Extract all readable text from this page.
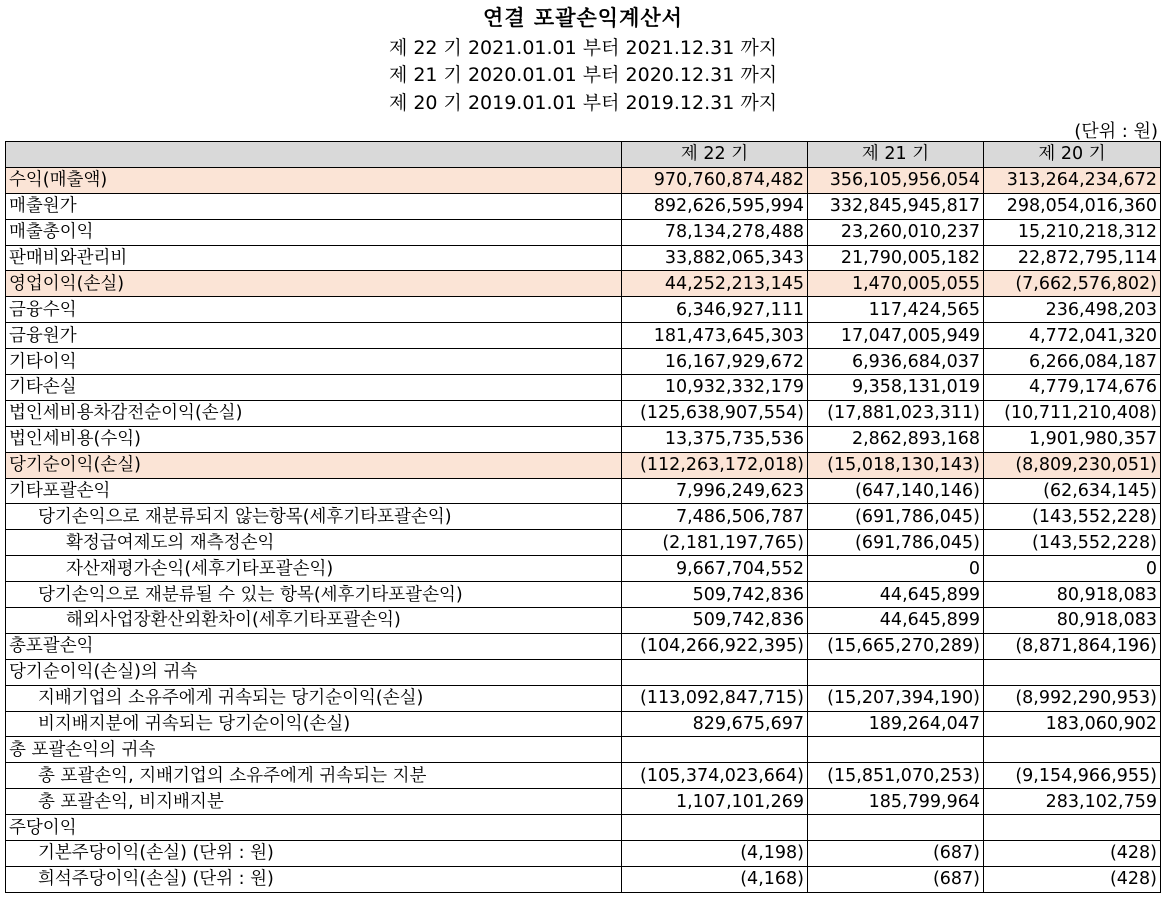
연결 포괄손익계산서
제 22 기 2021.01.01 부터 2021.12.31 까지
제 21 기 2020.01.01 부터 2020.12.31 까지
제 20 기 2019.01.01 부터 2019.12.31 까지
(단위 : 원)
	제 22 기	제 21 기	제 20 기
수익(매출액)	970,760,874,482	356,105,956,054	313,264,234,672
매출원가	892,626,595,994	332,845,945,817	298,054,016,360
매출총이익	78,134,278,488	23,260,010,237	15,210,218,312
판매비와관리비	33,882,065,343	21,790,005,182	22,872,795,114
영업이익(손실)	44,252,213,145	1,470,005,055	(7,662,576,802)
금융수익	6,346,927,111	117,424,565	236,498,203
금융원가	181,473,645,303	17,047,005,949	4,772,041,320
기타이익	16,167,929,672	6,936,684,037	6,266,084,187
기타손실	10,932,332,179	9,358,131,019	4,779,174,676
법인세비용차감전순이익(손실)	(125,638,907,554)	(17,881,023,311)	(10,711,210,408)
법인세비용(수익)	13,375,735,536	2,862,893,168	1,901,980,357
당기순이익(손실)	(112,263,172,018)	(15,018,130,143)	(8,809,230,051)
기타포괄손익	7,996,249,623	(647,140,146)	(62,634,145)
당기손익으로 재분류되지 않는항목(세후기타포괄손익)	7,486,506,787	(691,786,045)	(143,552,228)
확정급여제도의 재측정손익	(2,181,197,765)	(691,786,045)	(143,552,228)
자산재평가손익(세후기타포괄손익)	9,667,704,552	0	0
당기손익으로 재분류될 수 있는 항목(세후기타포괄손익)	509,742,836	44,645,899	80,918,083
해외사업장환산외환차이(세후기타포괄손익)	509,742,836	44,645,899	80,918,083
총포괄손익	(104,266,922,395)	(15,665,270,289)	(8,871,864,196)
당기순이익(손실)의 귀속			
지배기업의 소유주에게 귀속되는 당기순이익(손실)	(113,092,847,715)	(15,207,394,190)	(8,992,290,953)
비지배지분에 귀속되는 당기순이익(손실)	829,675,697	189,264,047	183,060,902
총 포괄손익의 귀속			
총 포괄손익, 지배기업의 소유주에게 귀속되는 지분	(105,374,023,664)	(15,851,070,253)	(9,154,966,955)
총 포괄손익, 비지배지분	1,107,101,269	185,799,964	283,102,759
주당이익			
기본주당이익(손실) (단위 : 원)	(4,198)	(687)	(428)
희석주당이익(손실) (단위 : 원)	(4,168)	(687)	(428)
